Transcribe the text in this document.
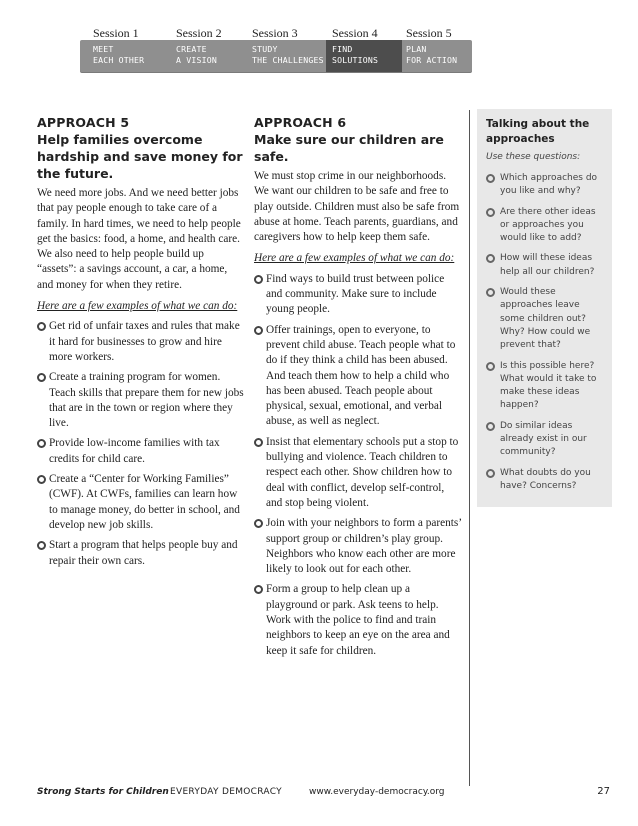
Session 1
MEET
EACH OTHER
Session 2
CREATE
A VISION
Session 3
STUDY
THE CHALLENGES
Session 4
FIND
SOLUTIONS
Session 5
PLAN
FOR ACTION
APPROACH 5
Help families overcome hardship and save money for the future.

We need more jobs. And we need better jobs that pay people enough to take care of a family. In hard times, we need to help people get the basics: food, a home, and health care. We also need to help people build up “assets”: a savings account, a car, a home, and money for when they retire.

Here are a few examples of what we can do:

Get rid of unfair taxes and rules that make it hard for businesses to grow and hire more workers.
Create a training program for women. Teach skills that prepare them for new jobs that are in the town or region where they live.
Provide low-income families with tax credits for child care.
Create a “Center for Working Families” (CWF). At CWFs, families can learn how to manage money, do better in school, and develop new job skills.
Start a program that helps people buy and repair their own cars.
APPROACH 6
Make sure our children are safe.

We must stop crime in our neighborhoods. We want our children to be safe and free to play outside. Children must also be safe from abuse at home. Teach parents, guardians, and caregivers how to help keep them safe.

Here are a few examples of what we can do:

Find ways to build trust between police and community. Make sure to include young people.
Offer trainings, open to everyone, to prevent child abuse. Teach people what to do if they think a child has been abused. And teach them how to help a child who has been abused. Teach people about physical, sexual, emotional, and verbal abuse, as well as neglect.
Insist that elementary schools put a stop to bullying and violence. Teach children to respect each other. Show children how to deal with conflict, develop self-control, and stop being violent.
Join with your neighbors to form a parents’ support group or children’s play group. Neighbors who know each other are more likely to look out for each other.
Form a group to help clean up a playground or park. Ask teens to help. Work with the police to find and train neighbors to keep an eye on the area and keep it safe for children.
Talking about the approaches
Use these questions:
Which approaches do you like and why?
Are there other ideas or approaches you would like to add?
How will these ideas help all our children?
Would these approaches leave some children out? Why? How could we prevent that?
Is this possible here? What would it take to make these ideas happen?
Do similar ideas already exist in our community?
What doubts do you have? Concerns?
Strong Starts for Children EVERYDAY DEMOCRACY	www.everyday-democracy.org	27
